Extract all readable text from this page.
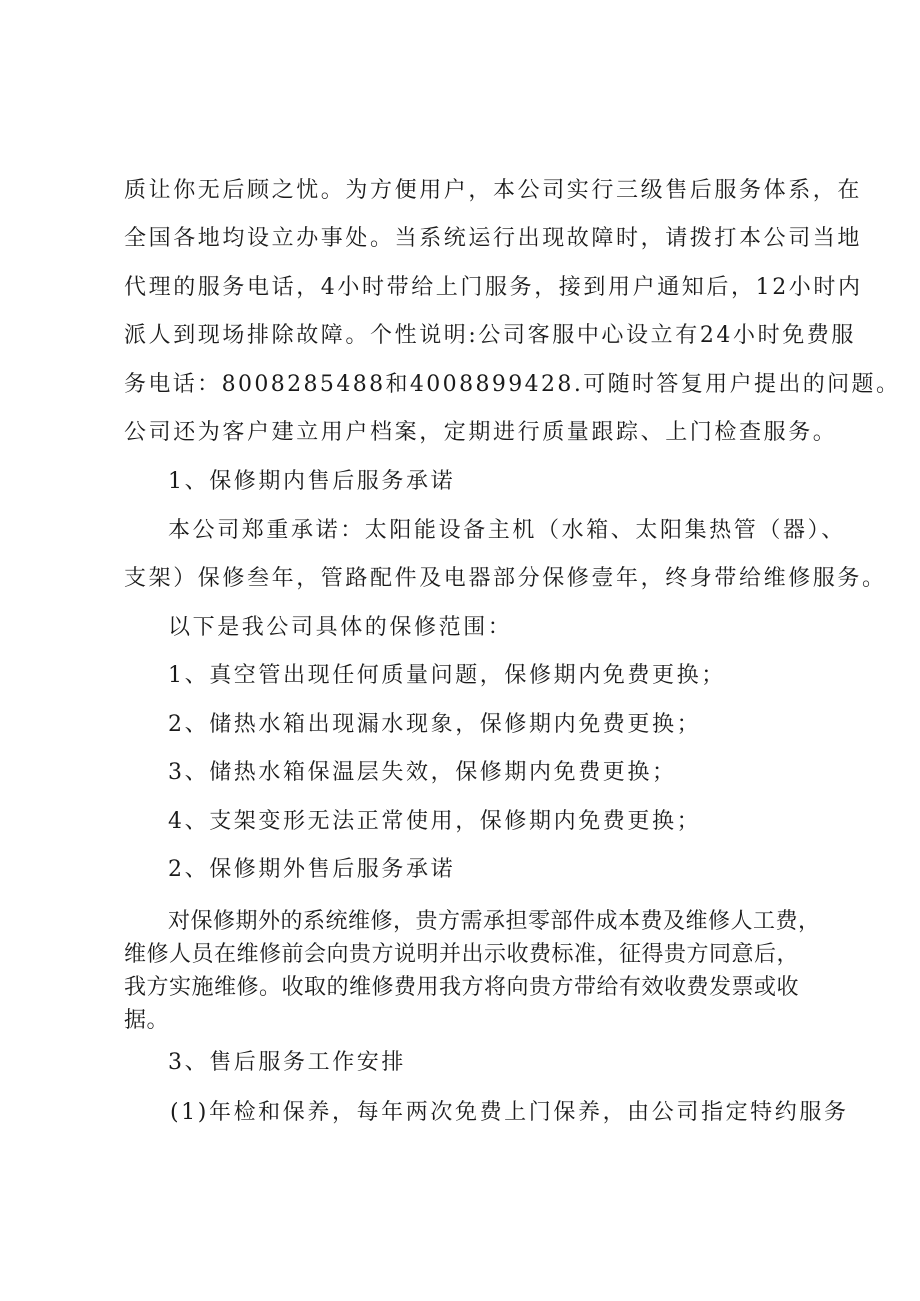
质让你无后顾之忧。为方便用户，本公司实行三级售后服务体系，在
全国各地均设立办事处。当系统运行出现故障时，请拨打本公司当地
代理的服务电话，4小时带给上门服务，接到用户通知后，12小时内
派人到现场排除故障。个性说明:公司客服中心设立有24小时免费服
务电话：8008285488和4008899428.可随时答复用户提出的问题。
公司还为客户建立用户档案，定期进行质量跟踪、上门检查服务。
1、保修期内售后服务承诺
本公司郑重承诺：太阳能设备主机（水箱、太阳集热管（器）、
支架）保修叁年，管路配件及电器部分保修壹年，终身带给维修服务。
以下是我公司具体的保修范围：
1、真空管出现任何质量问题，保修期内免费更换；
2、储热水箱出现漏水现象，保修期内免费更换；
3、储热水箱保温层失效，保修期内免费更换；
4、支架变形无法正常使用，保修期内免费更换；
2、保修期外售后服务承诺
对保修期外的系统维修，贵方需承担零部件成本费及维修人工费，
维修人员在维修前会向贵方说明并出示收费标准，征得贵方同意后，
我方实施维修。收取的维修费用我方将向贵方带给有效收费发票或收
据。
3、售后服务工作安排
(1)年检和保养，每年两次免费上门保养，由公司指定特约服务
